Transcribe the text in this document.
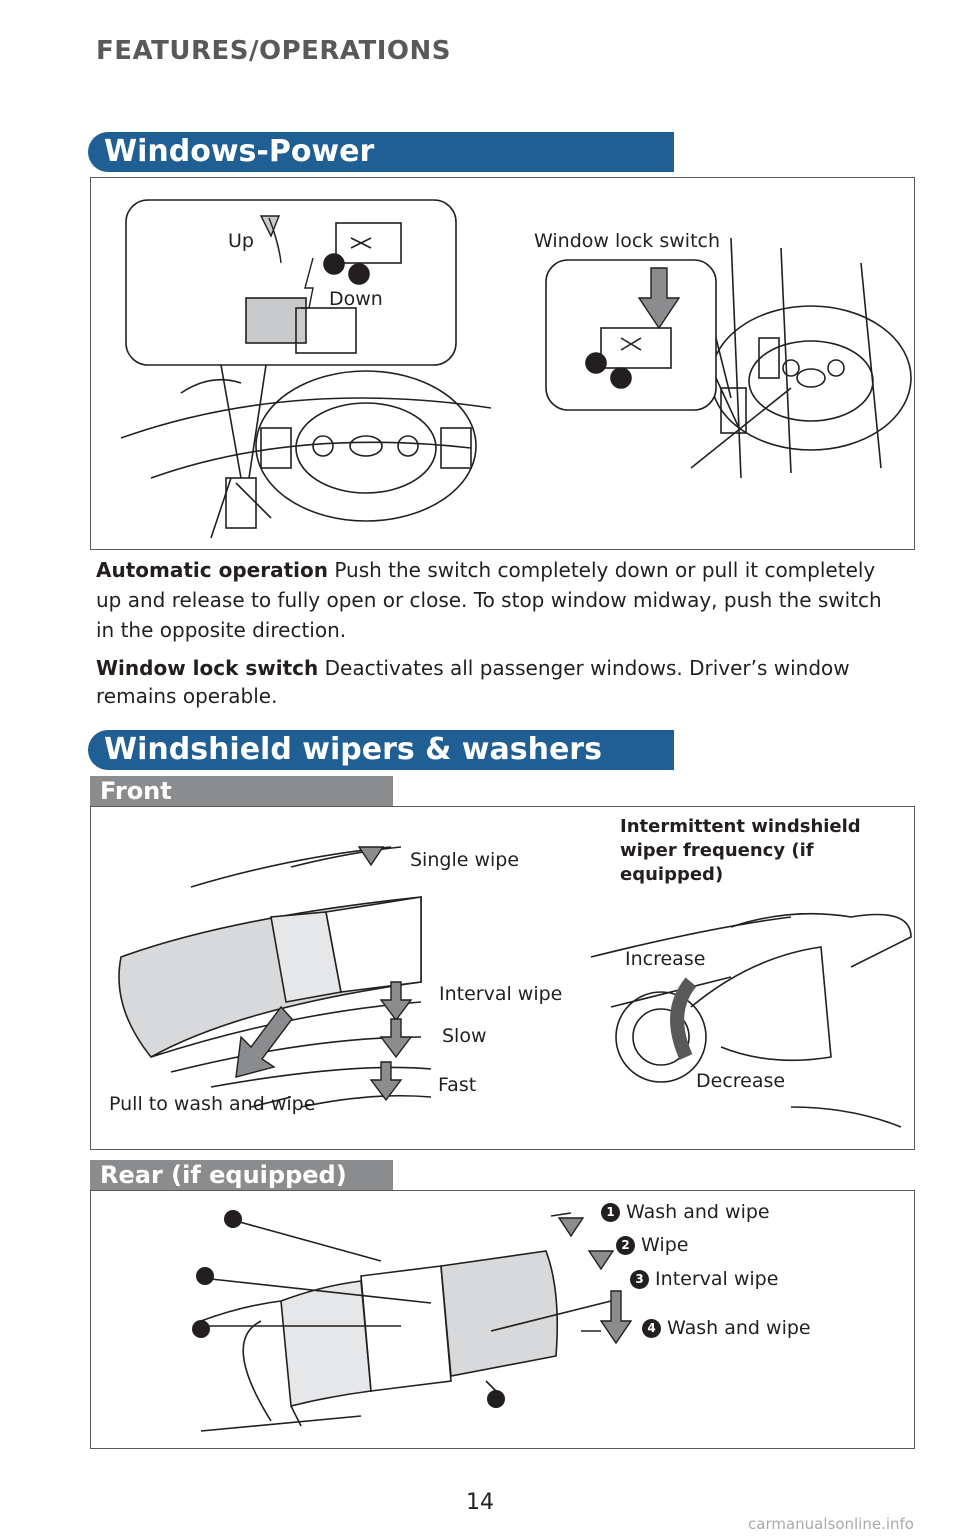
FEATURES/OPERATIONS
Windows-Power
Up
Down
Window lock switch
Automatic operation Push the switch completely down or pull it completely up and release to fully open or close. To stop window midway, push the switch in the opposite direction.
Window lock switch Deactivates all passenger windows. Driver’s window remains operable.
Windshield wipers & washers
Front
Single wipe
Interval wipe
Slow
Fast
Pull to wash and wipe
Intermittent windshield wiper frequency (if equipped)
Increase
Decrease
Rear (if equipped)
1 Wash and wipe
2 Wipe
3 Interval wipe
4 Wash and wipe
14
carmanualsonline.info
